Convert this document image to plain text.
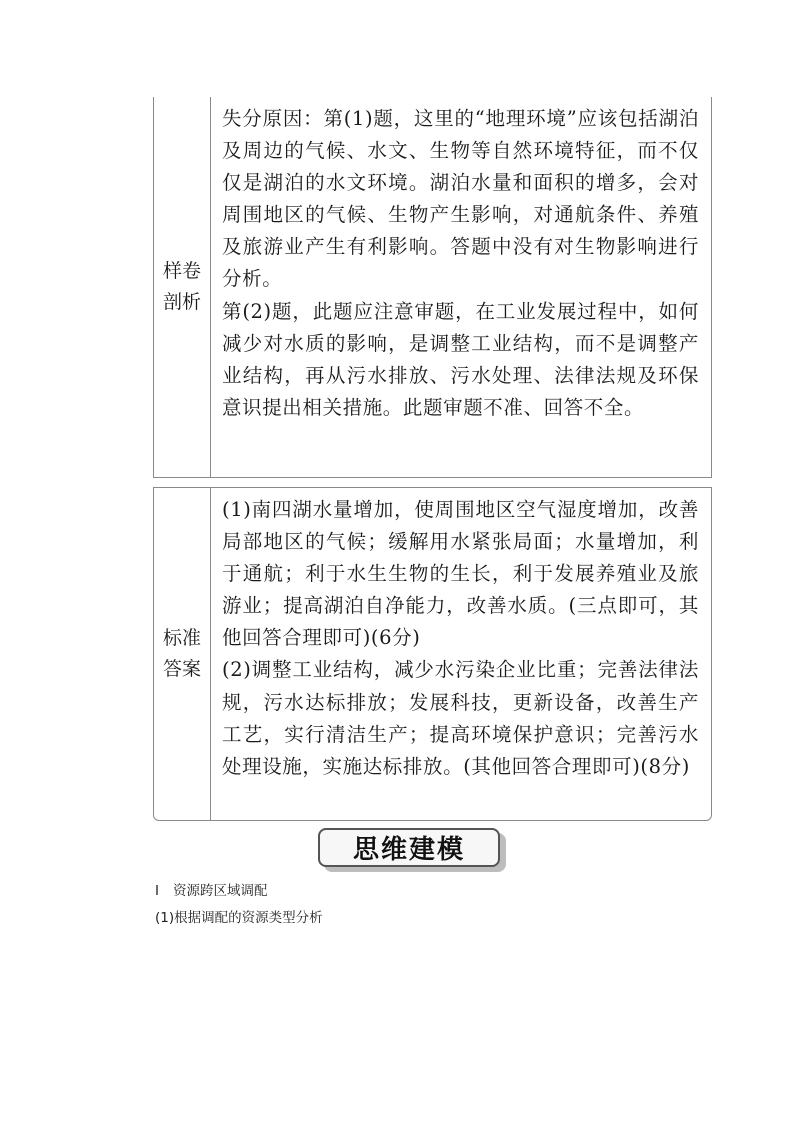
样卷剖析

失分原因：第(1)题，这里的“地理环境”应该包括湖泊及周边的气候、水文、生物等自然环境特征，而不仅仅是湖泊的水文环境。湖泊水量和面积的增多，会对周围地区的气候、生物产生影响，对通航条件、养殖及旅游业产生有利影响。答题中没有对生物影响进行分析。

第(2)题，此题应注意审题，在工业发展过程中，如何减少对水质的影响，是调整工业结构，而不是调整产业结构，再从污水排放、污水处理、法律法规及环保意识提出相关措施。此题审题不准、回答不全。

标准答案

(1)南四湖水量增加，使周围地区空气湿度增加，改善局部地区的气候；缓解用水紧张局面；水量增加，利于通航；利于水生生物的生长，利于发展养殖业及旅游业；提高湖泊自净能力，改善水质。(三点即可，其他回答合理即可)(6分)

(2)调整工业结构，减少水污染企业比重；完善法律法规，污水达标排放；发展科技，更新设备，改善生产工艺，实行清洁生产；提高环境保护意识；完善污水处理设施，实施达标排放。(其他回答合理即可)(8分)

思维建模
Ⅰ 资源跨区域调配
(1)根据调配的资源类型分析
